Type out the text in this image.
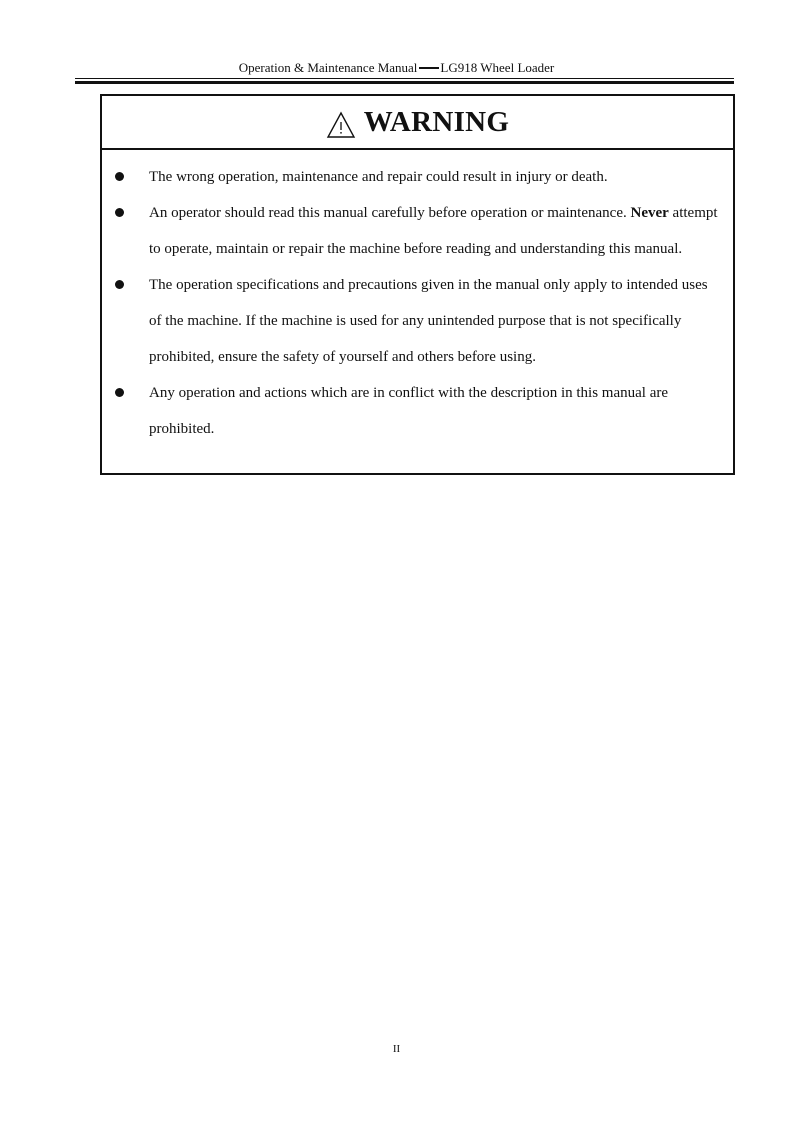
Operation & Maintenance Manual LG918 Wheel Loader
WARNING
The wrong operation, maintenance and repair could result in injury or death.
An operator should read this manual carefully before operation or maintenance. Never attempt to operate, maintain or repair the machine before reading and understanding this manual.
The operation specifications and precautions given in the manual only apply to intended uses of the machine. If the machine is used for any unintended purpose that is not specifically prohibited, ensure the safety of yourself and others before using.
Any operation and actions which are in conflict with the description in this manual are prohibited.
II
